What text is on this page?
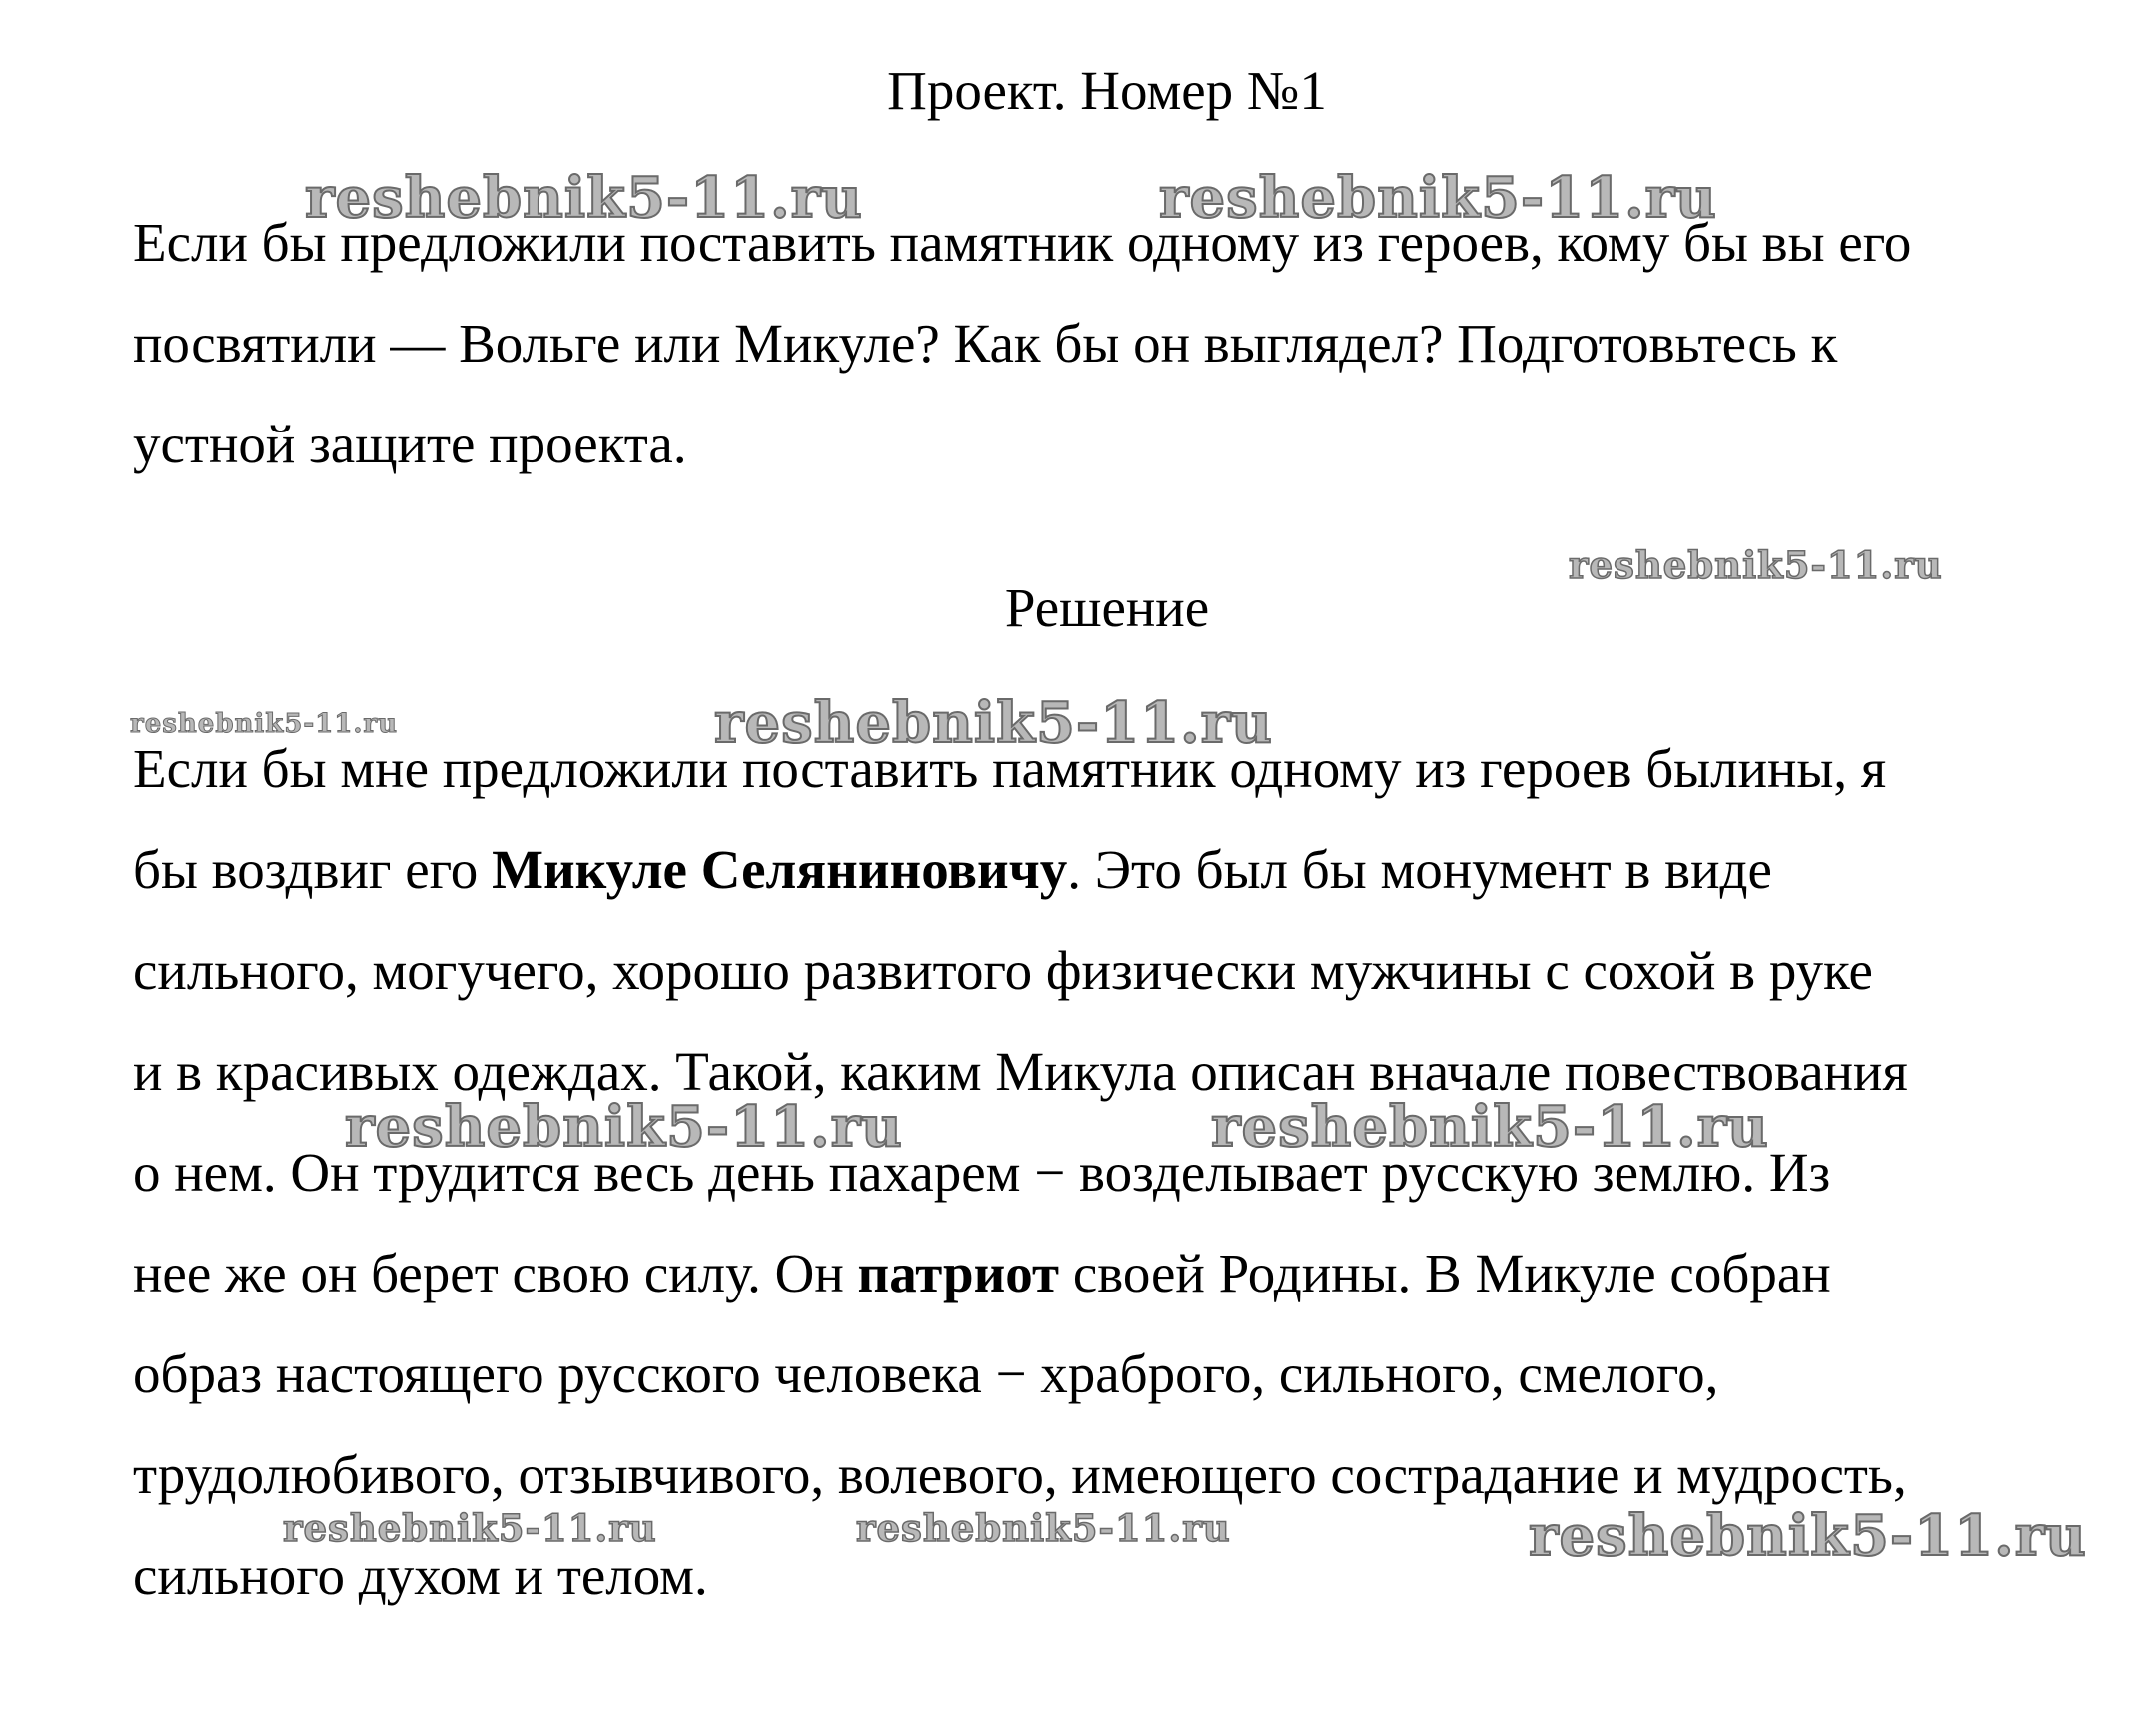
Проект. Номер №1
Если бы предложили поставить памятник одному из героев, кому бы вы его
посвятили — Вольге или Микуле? Как бы он выглядел? Подготовьтесь к
устной защите проекта.
Решение
Если бы мне предложили поставить памятник одному из героев былины, я
бы воздвиг его Микуле Селяниновичу. Это был бы монумент в виде
сильного, могучего, хорошо развитого физически мужчины с сохой в руке
и в красивых одеждах. Такой, каким Микула описан вначале повествования
о нем. Он трудится весь день пахарем − возделывает русскую землю. Из
нее же он берет свою силу. Он патриот своей Родины. В Микуле собран
образ настоящего русского человека − храброго, сильного, смелого,
трудолюбивого, отзывчивого, волевого, имеющего сострадание и мудрость,
сильного духом и телом.
reshebnik5-11.ru	reshebnik5-11.ru
reshebnik5-11.ru
reshebnik5-11.ru	reshebnik5-11.ru
reshebnik5-11.ru	reshebnik5-11.ru
reshebnik5-11.ru	reshebnik5-11.ru	reshebnik5-11.ru
